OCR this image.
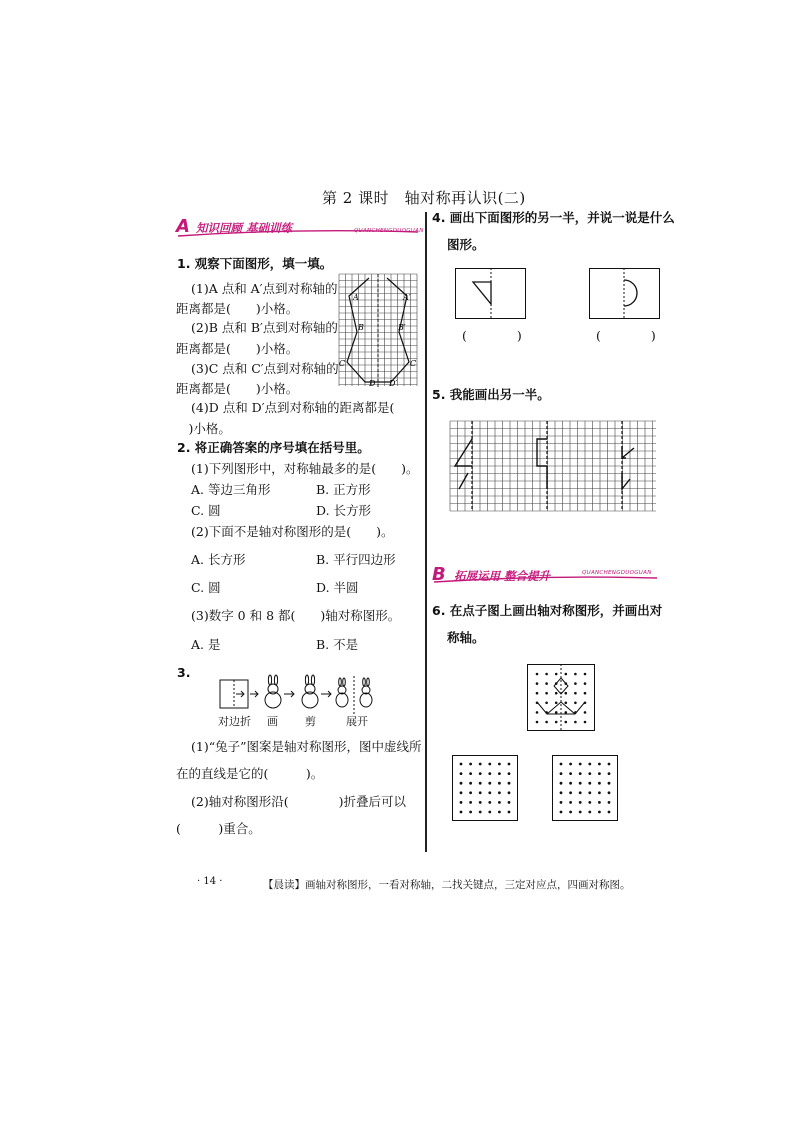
第 2 课时　轴对称再认识(二)
A 知识回顾 基础训练	QUANCHENGDUOGUAN
1. 观察下面图形，填一填。
(1)A 点和 A′点到对称轴的
距离都是(　　)小格。
(2)B 点和 B′点到对称轴的
距离都是(　　)小格。
(3)C 点和 C′点到对称轴的
距离都是(　　)小格。
(4)D 点和 D′点到对称轴的距离都是(
　)小格。
A	A′
B	B′
C	C
D D′
2. 将正确答案的序号填在括号里。
(1)下列图形中，对称轴最多的是(　　)。
A. 等边三角形	B. 正方形
C. 圆	D. 长方形
(2)下面不是轴对称图形的是(　　)。
A. 长方形	B. 平行四边形
C. 圆	D. 半圆
(3)数字 0 和 8 都(　　)轴对称图形。
A. 是	B. 不是
3.
对边折 画 剪	展开
(1)“兔子”图案是轴对称图形，图中虚线所
在的直线是它的(　　　)。
(2)轴对称图形沿(　　　　)折叠后可以
(　　　)重合。
4. 画出下面图形的另一半，并说一说是什么
图形。
(　　　　)	(　　　　)
5. 我能画出另一半。
B 拓展运用 整合提升	QUANCHENGDUOGUAN
6. 在点子图上画出轴对称图形，并画出对
称轴。
· 14 ·	【晨读】画轴对称图形，一看对称轴，二找关键点，三定对应点，四画对称图。
